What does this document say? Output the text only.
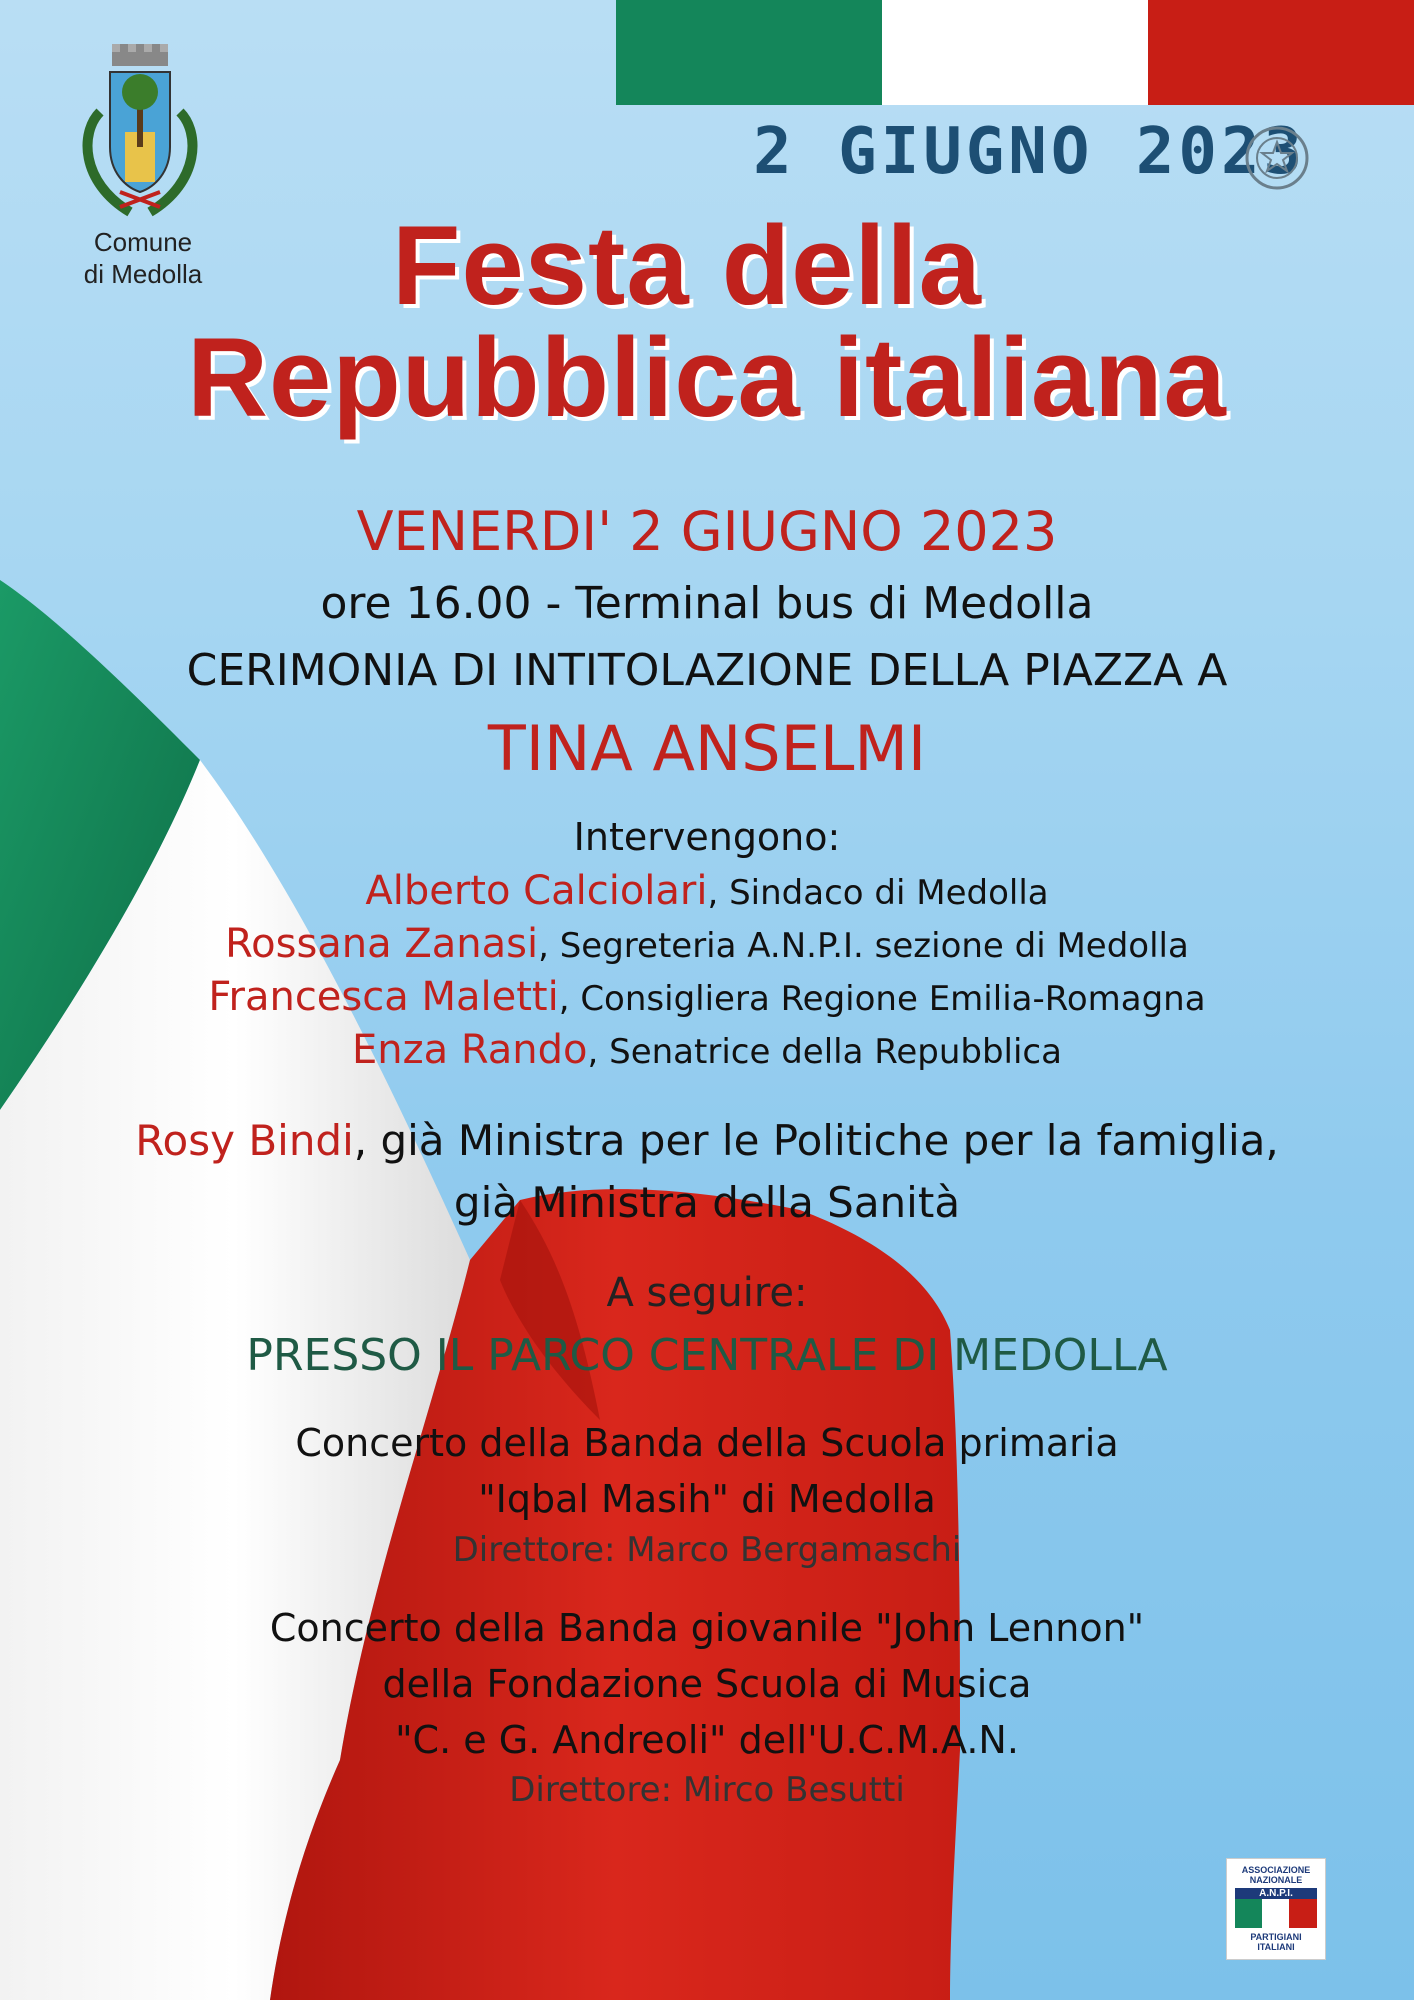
Comune
di Medolla
2 GIUGNO 2023
Festa della
Repubblica italiana
VENERDI' 2 GIUGNO 2023
ore 16.00 - Terminal bus di Medolla
CERIMONIA DI INTITOLAZIONE DELLA PIAZZA A
TINA ANSELMI
Intervengono:
Alberto Calciolari, Sindaco di Medolla
Rossana Zanasi, Segreteria A.N.P.I. sezione di Medolla
Francesca Maletti, Consigliera Regione Emilia-Romagna
Enza Rando, Senatrice della Repubblica
Rosy Bindi, già Ministra per le Politiche per la famiglia,
già Ministra della Sanità
A seguire:
PRESSO IL PARCO CENTRALE DI MEDOLLA
Concerto della Banda della Scuola primaria
"Iqbal Masih" di Medolla
Direttore: Marco Bergamaschi
Concerto della Banda giovanile "John Lennon"
della Fondazione Scuola di Musica
"C. e G. Andreoli" dell'U.C.M.A.N.
Direttore: Mirco Besutti
ASSOCIAZIONE
NAZIONALE
A.N.P.I.
PARTIGIANI
ITALIANI
